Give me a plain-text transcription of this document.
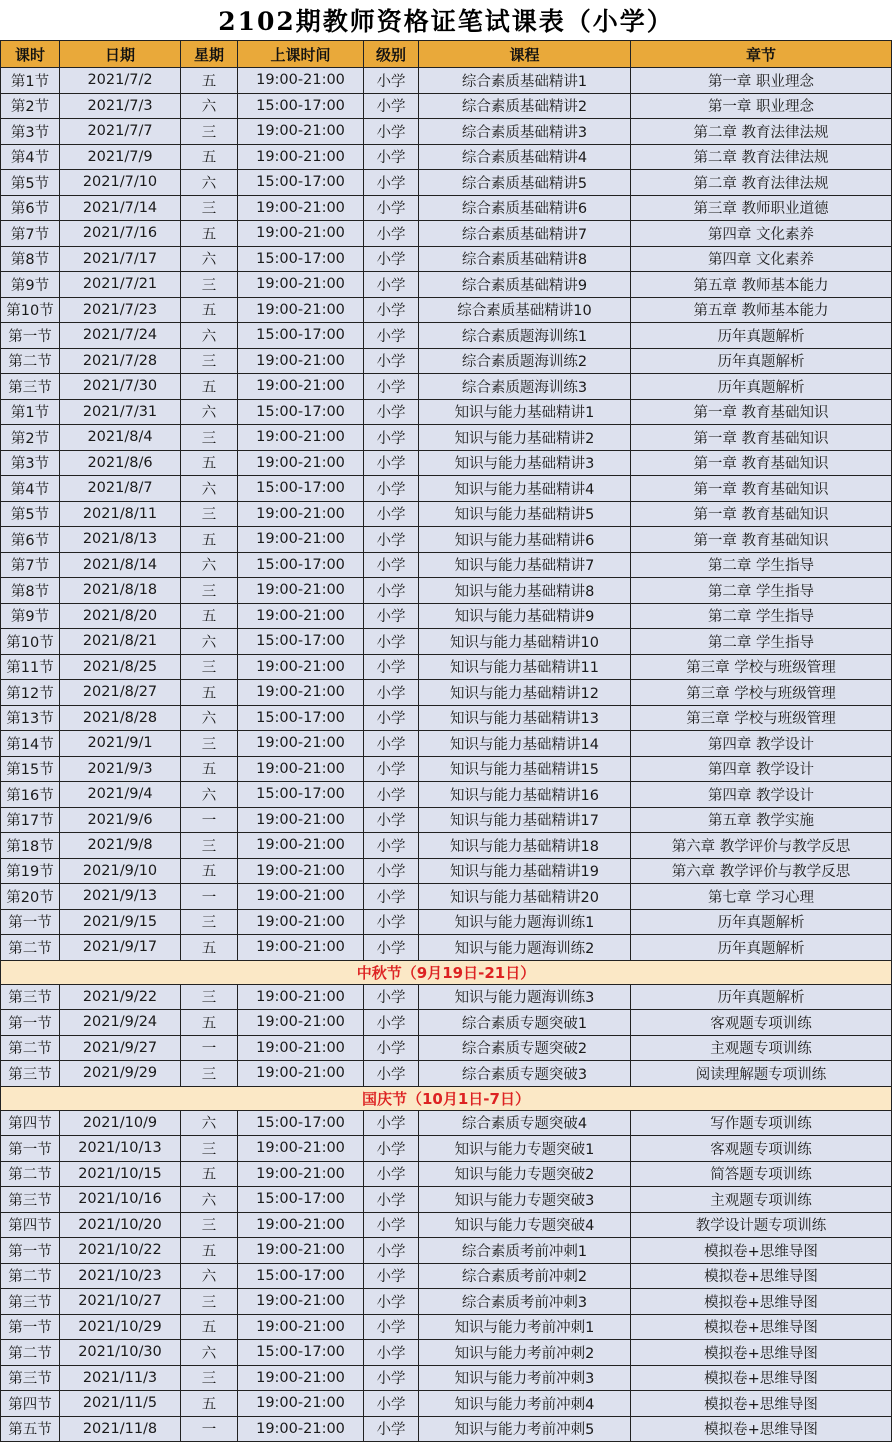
2102期教师资格证笔试课表（小学）
课时	日期	星期	上课时间	级别	课程	章节
第1节	2021/7/2	五	19:00-21:00	小学	综合素质基础精讲1	第一章 职业理念
第2节	2021/7/3	六	15:00-17:00	小学	综合素质基础精讲2	第一章 职业理念
第3节	2021/7/7	三	19:00-21:00	小学	综合素质基础精讲3	第二章 教育法律法规
第4节	2021/7/9	五	19:00-21:00	小学	综合素质基础精讲4	第二章 教育法律法规
第5节	2021/7/10	六	15:00-17:00	小学	综合素质基础精讲5	第二章 教育法律法规
第6节	2021/7/14	三	19:00-21:00	小学	综合素质基础精讲6	第三章 教师职业道德
第7节	2021/7/16	五	19:00-21:00	小学	综合素质基础精讲7	第四章 文化素养
第8节	2021/7/17	六	15:00-17:00	小学	综合素质基础精讲8	第四章 文化素养
第9节	2021/7/21	三	19:00-21:00	小学	综合素质基础精讲9	第五章 教师基本能力
第10节	2021/7/23	五	19:00-21:00	小学	综合素质基础精讲10	第五章 教师基本能力
第一节	2021/7/24	六	15:00-17:00	小学	综合素质题海训练1	历年真题解析
第二节	2021/7/28	三	19:00-21:00	小学	综合素质题海训练2	历年真题解析
第三节	2021/7/30	五	19:00-21:00	小学	综合素质题海训练3	历年真题解析
第1节	2021/7/31	六	15:00-17:00	小学	知识与能力基础精讲1	第一章 教育基础知识
第2节	2021/8/4	三	19:00-21:00	小学	知识与能力基础精讲2	第一章 教育基础知识
第3节	2021/8/6	五	19:00-21:00	小学	知识与能力基础精讲3	第一章 教育基础知识
第4节	2021/8/7	六	15:00-17:00	小学	知识与能力基础精讲4	第一章 教育基础知识
第5节	2021/8/11	三	19:00-21:00	小学	知识与能力基础精讲5	第一章 教育基础知识
第6节	2021/8/13	五	19:00-21:00	小学	知识与能力基础精讲6	第一章 教育基础知识
第7节	2021/8/14	六	15:00-17:00	小学	知识与能力基础精讲7	第二章 学生指导
第8节	2021/8/18	三	19:00-21:00	小学	知识与能力基础精讲8	第二章 学生指导
第9节	2021/8/20	五	19:00-21:00	小学	知识与能力基础精讲9	第二章 学生指导
第10节	2021/8/21	六	15:00-17:00	小学	知识与能力基础精讲10	第二章 学生指导
第11节	2021/8/25	三	19:00-21:00	小学	知识与能力基础精讲11	第三章 学校与班级管理
第12节	2021/8/27	五	19:00-21:00	小学	知识与能力基础精讲12	第三章 学校与班级管理
第13节	2021/8/28	六	15:00-17:00	小学	知识与能力基础精讲13	第三章 学校与班级管理
第14节	2021/9/1	三	19:00-21:00	小学	知识与能力基础精讲14	第四章 教学设计
第15节	2021/9/3	五	19:00-21:00	小学	知识与能力基础精讲15	第四章 教学设计
第16节	2021/9/4	六	15:00-17:00	小学	知识与能力基础精讲16	第四章 教学设计
第17节	2021/9/6	一	19:00-21:00	小学	知识与能力基础精讲17	第五章 教学实施
第18节	2021/9/8	三	19:00-21:00	小学	知识与能力基础精讲18	第六章 教学评价与教学反思
第19节	2021/9/10	五	19:00-21:00	小学	知识与能力基础精讲19	第六章 教学评价与教学反思
第20节	2021/9/13	一	19:00-21:00	小学	知识与能力基础精讲20	第七章 学习心理
第一节	2021/9/15	三	19:00-21:00	小学	知识与能力题海训练1	历年真题解析
第二节	2021/9/17	五	19:00-21:00	小学	知识与能力题海训练2	历年真题解析
中秋节（9月19日-21日）						
第三节	2021/9/22	三	19:00-21:00	小学	知识与能力题海训练3	历年真题解析
第一节	2021/9/24	五	19:00-21:00	小学	综合素质专题突破1	客观题专项训练
第二节	2021/9/27	一	19:00-21:00	小学	综合素质专题突破2	主观题专项训练
第三节	2021/9/29	三	19:00-21:00	小学	综合素质专题突破3	阅读理解题专项训练
国庆节（10月1日-7日）						
第四节	2021/10/9	六	15:00-17:00	小学	综合素质专题突破4	写作题专项训练
第一节	2021/10/13	三	19:00-21:00	小学	知识与能力专题突破1	客观题专项训练
第二节	2021/10/15	五	19:00-21:00	小学	知识与能力专题突破2	简答题专项训练
第三节	2021/10/16	六	15:00-17:00	小学	知识与能力专题突破3	主观题专项训练
第四节	2021/10/20	三	19:00-21:00	小学	知识与能力专题突破4	教学设计题专项训练
第一节	2021/10/22	五	19:00-21:00	小学	综合素质考前冲刺1	模拟卷+思维导图
第二节	2021/10/23	六	15:00-17:00	小学	综合素质考前冲刺2	模拟卷+思维导图
第三节	2021/10/27	三	19:00-21:00	小学	综合素质考前冲刺3	模拟卷+思维导图
第一节	2021/10/29	五	19:00-21:00	小学	知识与能力考前冲刺1	模拟卷+思维导图
第二节	2021/10/30	六	15:00-17:00	小学	知识与能力考前冲刺2	模拟卷+思维导图
第三节	2021/11/3	三	19:00-21:00	小学	知识与能力考前冲刺3	模拟卷+思维导图
第四节	2021/11/5	五	19:00-21:00	小学	知识与能力考前冲刺4	模拟卷+思维导图
第五节	2021/11/8	一	19:00-21:00	小学	知识与能力考前冲刺5	模拟卷+思维导图
